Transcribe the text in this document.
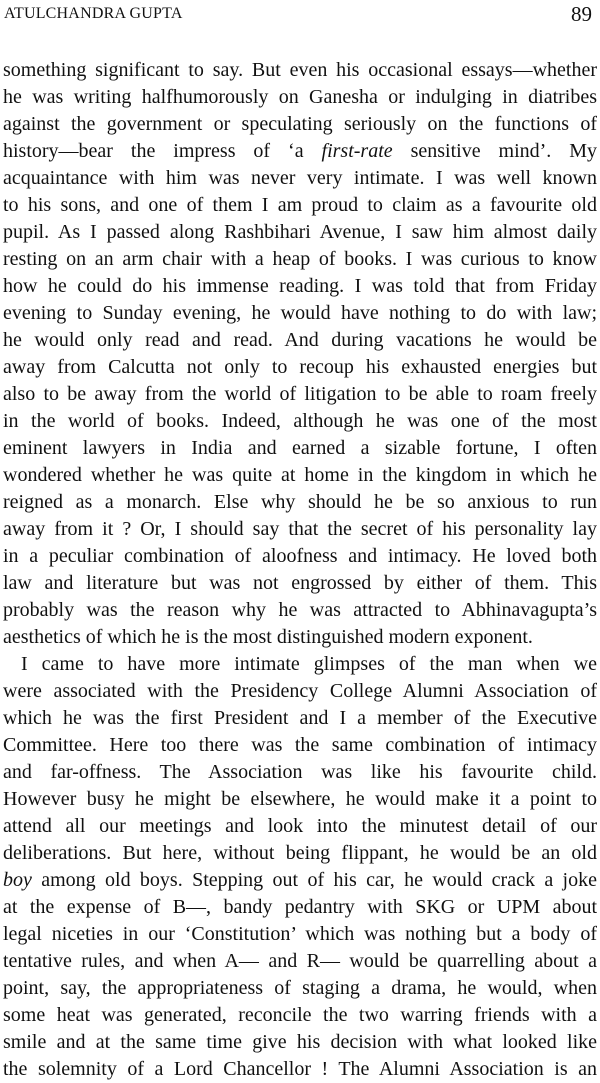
ATULCHANDRA GUPTA	89
something significant to say. But even his occasional essays—whether
he was writing halfhumorously on Ganesha or indulging in diatribes
against the government or speculating seriously on the functions of
history—bear the impress of ‘a first-rate sensitive mind’. My
acquaintance with him was never very intimate. I was well known
to his sons, and one of them I am proud to claim as a favourite old
pupil. As I passed along Rashbihari Avenue, I saw him almost daily
resting on an arm chair with a heap of books. I was curious to know
how he could do his immense reading. I was told that from Friday
evening to Sunday evening, he would have nothing to do with law;
he would only read and read. And during vacations he would be
away from Calcutta not only to recoup his exhausted energies but
also to be away from the world of litigation to be able to roam freely
in the world of books. Indeed, although he was one of the most
eminent lawyers in India and earned a sizable fortune, I often
wondered whether he was quite at home in the kingdom in which he
reigned as a monarch. Else why should he be so anxious to run
away from it ? Or, I should say that the secret of his personality lay
in a peculiar combination of aloofness and intimacy. He loved both
law and literature but was not engrossed by either of them. This
probably was the reason why he was attracted to Abhinavagupta’s
aesthetics of which he is the most distinguished modern exponent.
I came to have more intimate glimpses of the man when we
were associated with the Presidency College Alumni Association of
which he was the first President and I a member of the Executive
Committee. Here too there was the same combination of intimacy
and far-offness. The Association was like his favourite child.
However busy he might be elsewhere, he would make it a point to
attend all our meetings and look into the minutest detail of our
deliberations. But here, without being flippant, he would be an old
boy among old boys. Stepping out of his car, he would crack a joke
at the expense of B—, bandy pedantry with SKG or UPM about
legal niceties in our ‘Constitution’ which was nothing but a body of
tentative rules, and when A— and R— would be quarrelling about a
point, say, the appropriateness of staging a drama, he would, when
some heat was generated, reconcile the two warring friends with a
smile and at the same time give his decision with what looked like
the solemnity of a Lord Chancellor ! The Alumni Association is an
